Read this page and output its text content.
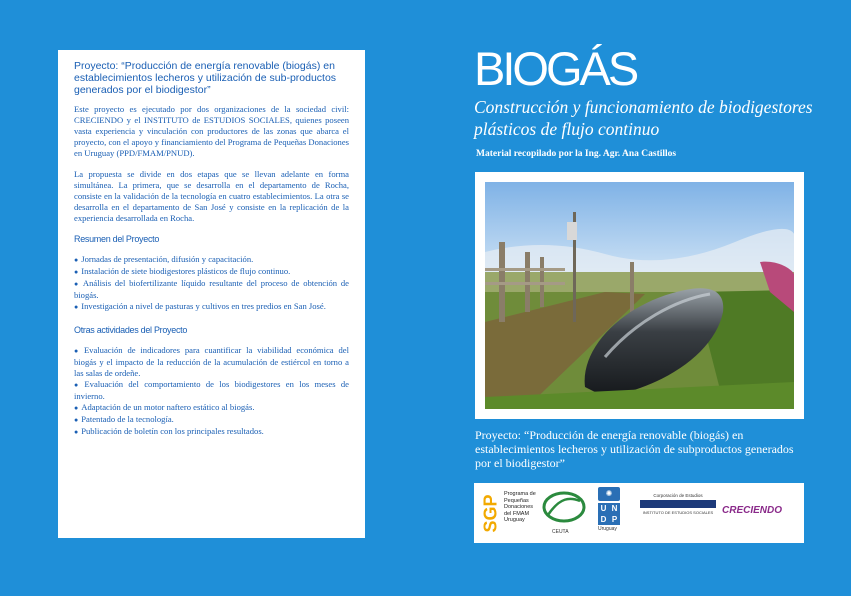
Proyecto: “Producción de energía renovable (biogás) en establecimientos lecheros y utilización de sub-productos generados por el biodigestor”

Este proyecto es ejecutado por dos organizaciones de la sociedad civil: CRECIENDO y el INSTITUTO de ESTUDIOS SOCIALES, quienes poseen vasta experiencia y vinculación con productores de las zonas que abarca el proyecto, con el apoyo y financiamiento del Programa de Pequeñas Donaciones en Uruguay (PPD/FMAM/PNUD).

La propuesta se divide en dos etapas que se llevan adelante en forma simultánea. La primera, que se desarrolla en el departamento de Rocha, consiste en la validación de la tecnología en cuatro establecimientos. La otra se desarrolla en el departamento de San José y consiste en la replicación de la experiencia desarrollada en Rocha.

Resumen del Proyecto

● Jornadas de presentación, difusión y capacitación.
● Instalación de siete biodigestores plásticos de flujo continuo.
● Análisis del biofertilizante líquido resultante del proceso de obtención de biogás.
● Investigación a nivel de pasturas y cultivos en tres predios en San José.

Otras actividades del Proyecto

● Evaluación de indicadores para cuantificar la viabilidad económica del biogás y el impacto de la reducción de la acumulación de estiércol en torno a las salas de ordeñe.
● Evaluación del comportamiento de los biodigestores en los meses de invierno.
● Adaptación de un motor naftero estático al biogás.
● Patentado de la tecnología.
● Publicación de boletín con los principales resultados.
BIOGÁS
Construcción y funcionamiento de biodigestores plásticos de flujo continuo
Material recopilado por la Ing. Agr. Ana Castillos
Proyecto: “Producción de energía renovable (biogás) en establecimientos lecheros y utilización de subproductos generados por el biodigestor”
SGP
Programa de
Pequeñas
Donaciones
del FMAM
Uruguay
CEUTA
✺
U N
D P
Uruguay
Corporación de Estudios
INSTITUTO DE ESTUDIOS SOCIALES CRECIENDO
